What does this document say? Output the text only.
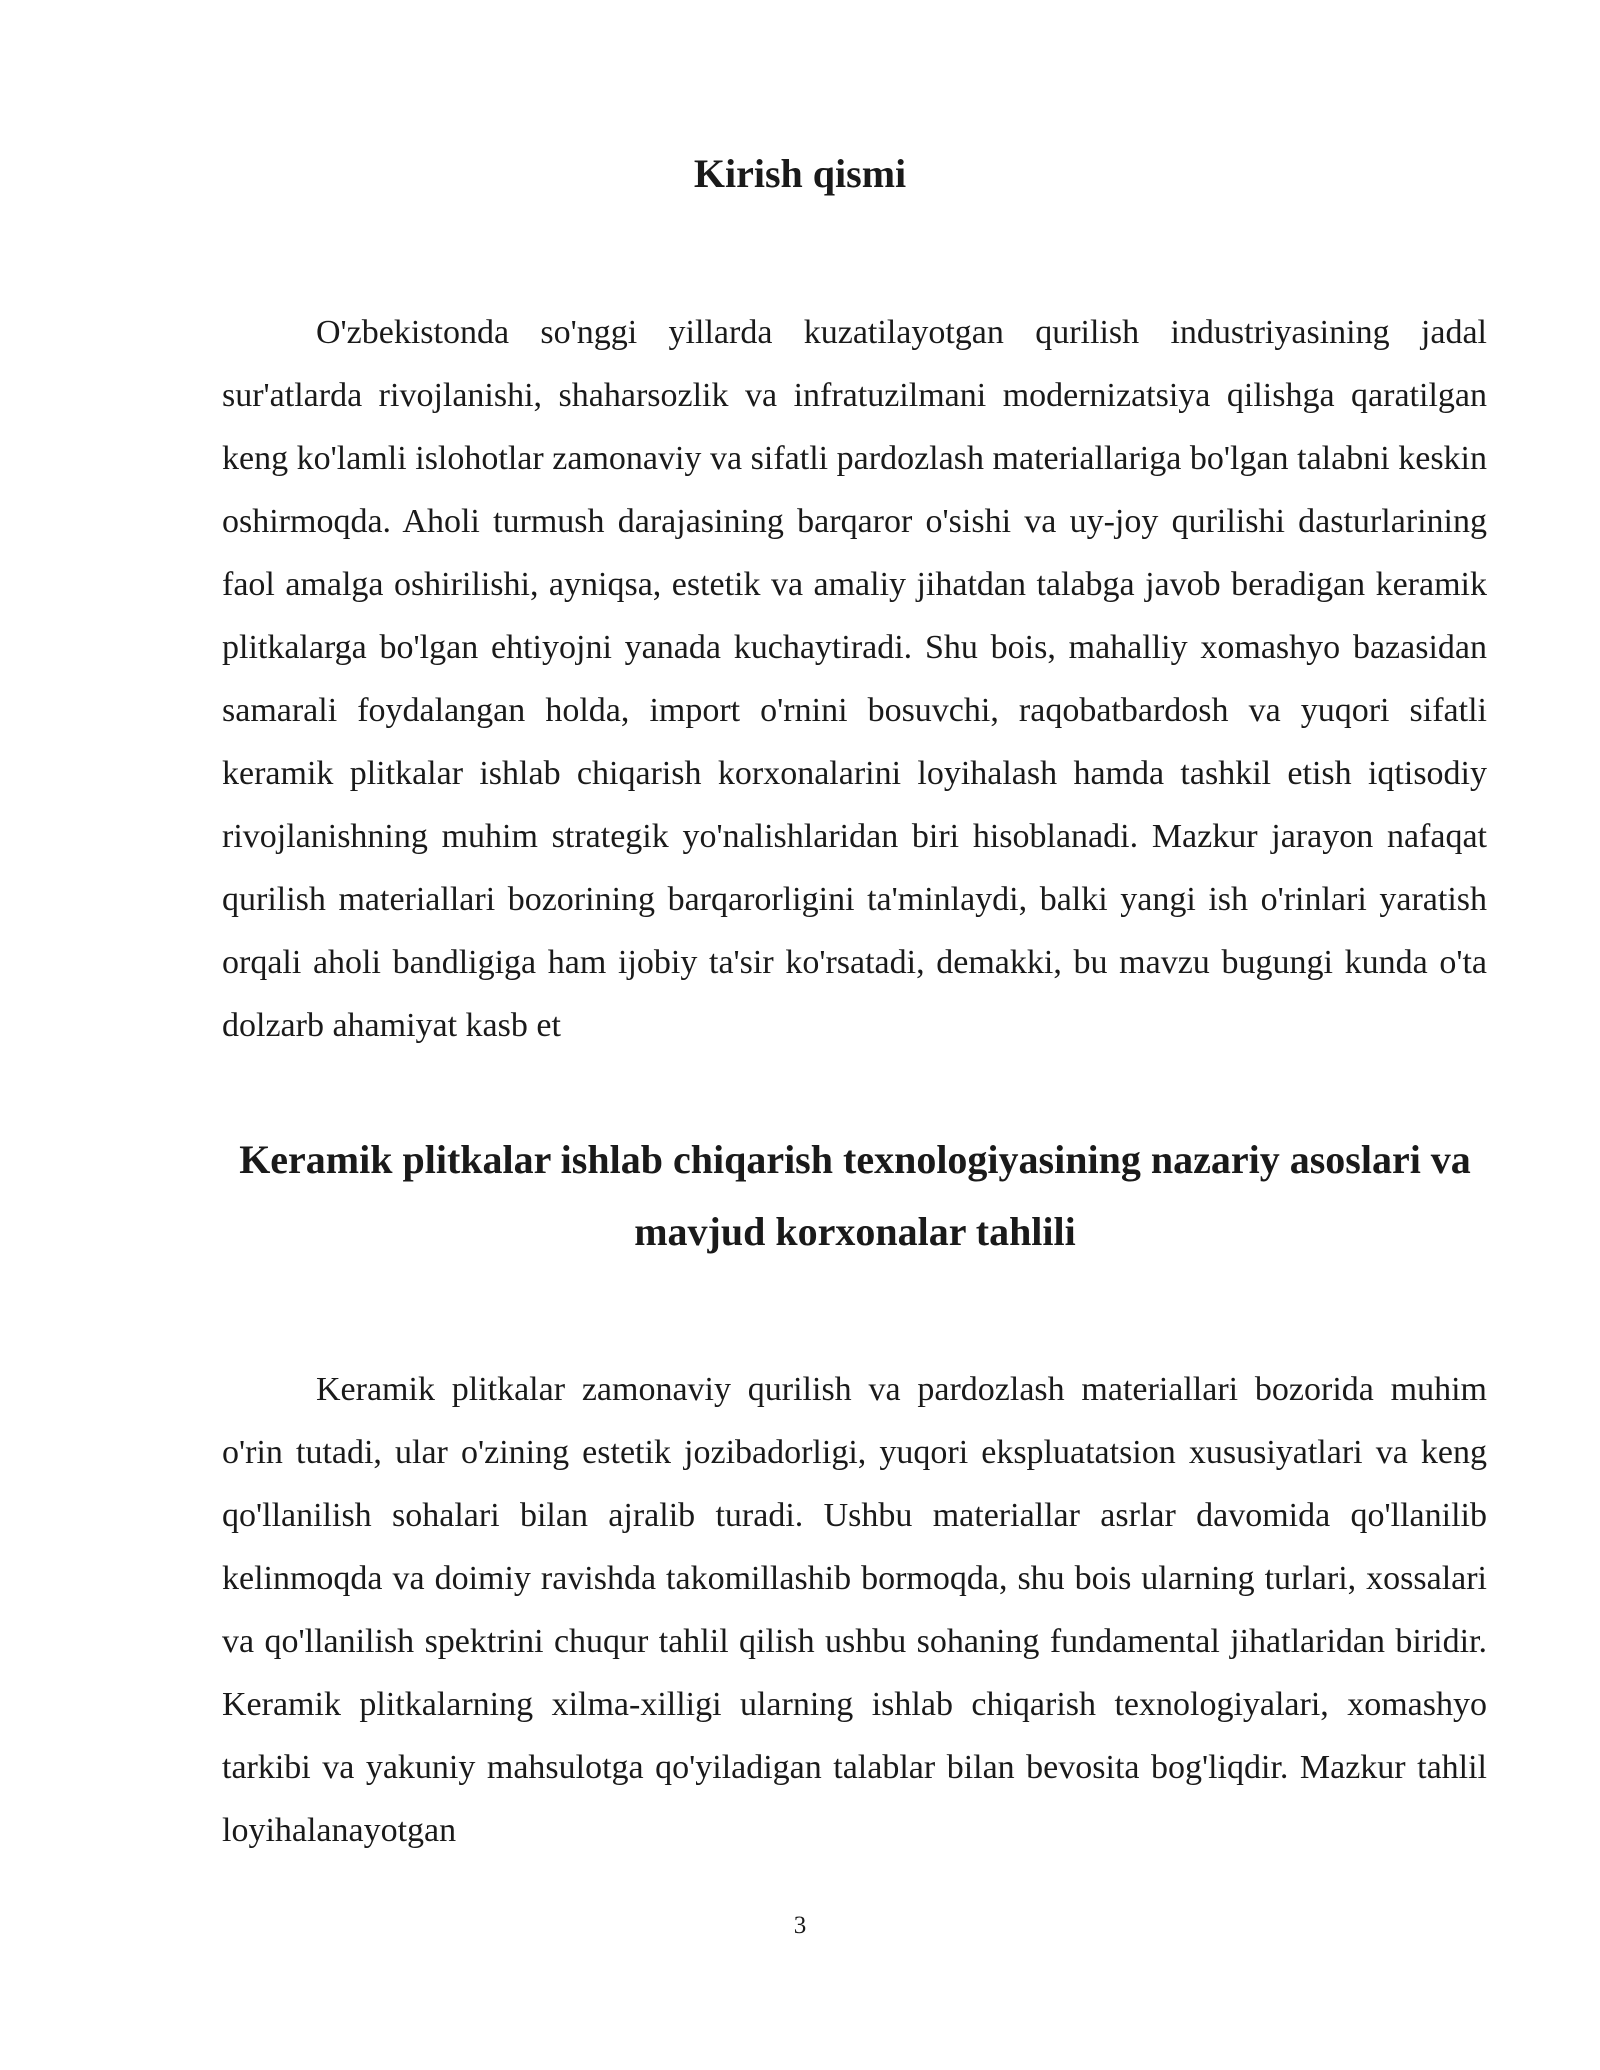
Kirish qismi

O'zbekistonda so'nggi yillarda kuzatilayotgan qurilish industriyasining jadal sur'atlarda rivojlanishi, shaharsozlik va infratuzilmani modernizatsiya qilishga qaratilgan keng ko'lamli islohotlar zamonaviy va sifatli pardozlash materiallariga bo'lgan talabni keskin oshirmoqda. Aholi turmush darajasining barqaror o'sishi va uy-joy qurilishi dasturlarining faol amalga oshirilishi, ayniqsa, estetik va amaliy jihatdan talabga javob beradigan keramik plitkalarga bo'lgan ehtiyojni yanada kuchaytiradi. Shu bois, mahalliy xomashyo bazasidan samarali foydalangan holda, import o'rnini bosuvchi, raqobatbardosh va yuqori sifatli keramik plitkalar ishlab chiqarish korxonalarini loyihalash hamda tashkil etish iqtisodiy rivojlanishning muhim strategik yo'nalishlaridan biri hisoblanadi. Mazkur jarayon nafaqat qurilish materiallari bozorining barqarorligini ta'minlaydi, balki yangi ish o'rinlari yaratish orqali aholi bandligiga ham ijobiy ta'sir ko'rsatadi, demakki, bu mavzu bugungi kunda o'ta dolzarb ahamiyat kasb et

Keramik plitkalar ishlab chiqarish texnologiyasining nazariy asoslari va mavjud korxonalar tahlili

Keramik plitkalar zamonaviy qurilish va pardozlash materiallari bozorida muhim o'rin tutadi, ular o'zining estetik jozibadorligi, yuqori ekspluatatsion xususiyatlari va keng qo'llanilish sohalari bilan ajralib turadi. Ushbu materiallar asrlar davomida qo'llanilib kelinmoqda va doimiy ravishda takomillashib bormoqda, shu bois ularning turlari, xossalari va qo'llanilish spektrini chuqur tahlil qilish ushbu sohaning fundamental jihatlaridan biridir. Keramik plitkalarning xilma-xilligi ularning ishlab chiqarish texnologiyalari, xomashyo tarkibi va yakuniy mahsulotga qo'yiladigan talablar bilan bevosita bog'liqdir. Mazkur tahlil loyihalanayotgan

3
